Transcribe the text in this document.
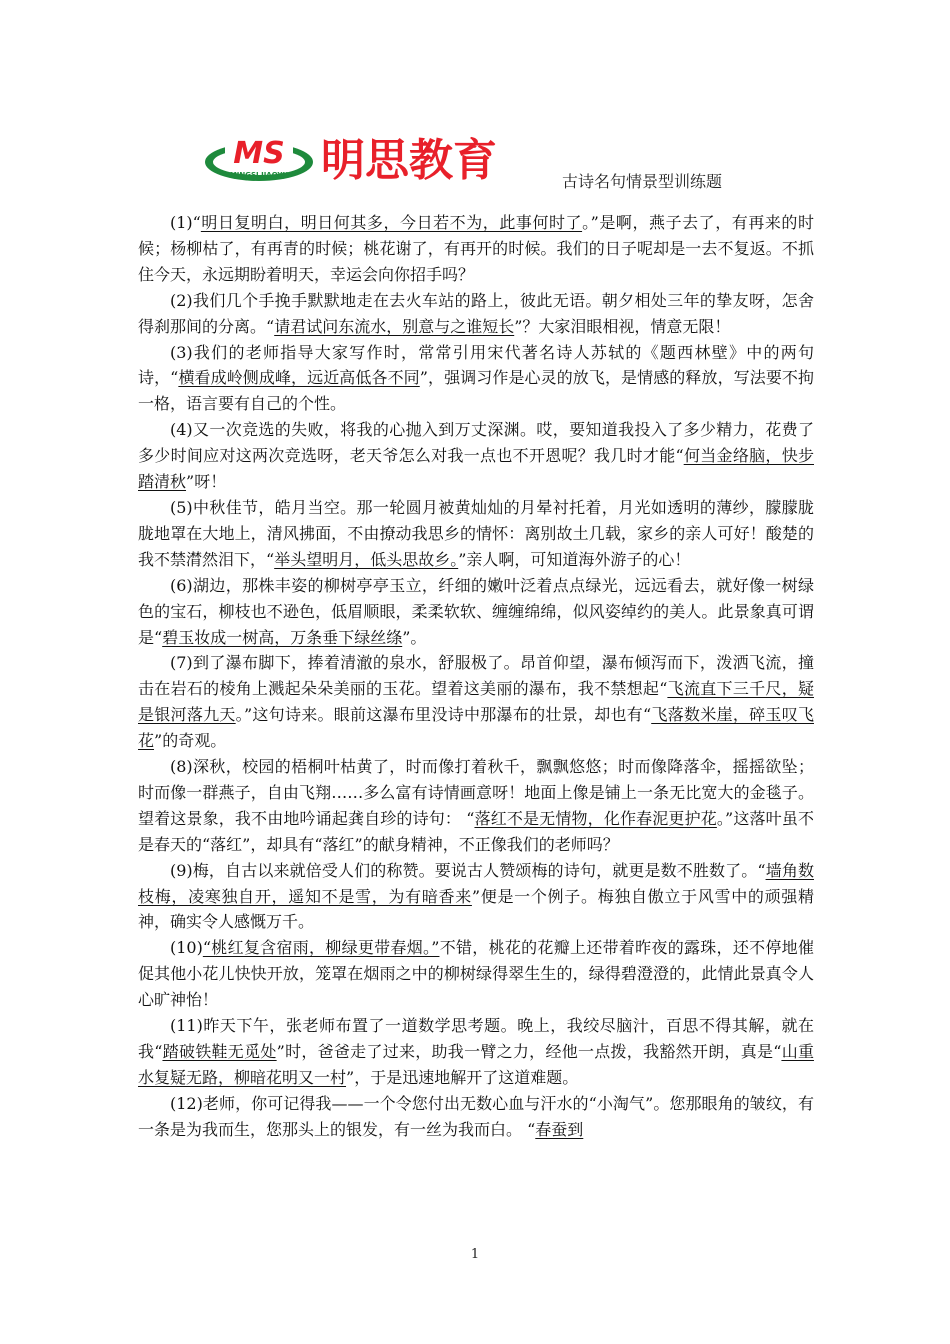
MS
MINGSI JIAOYU 明思教育	古诗名句情景型训练题

(1)“明日复明白，明日何其多，今日若不为，此事何时了。”是啊，燕子去了，有再来的时候；杨柳枯了，有再青的时候；桃花谢了，有再开的时候。我们的日子呢却是一去不复返。不抓住今天，永远期盼着明天，幸运会向你招手吗？

(2)我们几个手挽手默默地走在去火车站的路上，彼此无语。朝夕相处三年的挚友呀，怎舍得刹那间的分离。“请君试问东流水，别意与之谁短长”？大家泪眼相视，情意无限！

(3)我们的老师指导大家写作时，常常引用宋代著名诗人苏轼的《题西林壁》中的两句诗，“横看成岭侧成峰，远近高低各不同”，强调习作是心灵的放飞，是情感的释放，写法要不拘一格，语言要有自己的个性。

(4)又一次竞选的失败，将我的心抛入到万丈深渊。哎，要知道我投入了多少精力，花费了多少时间应对这两次竞选呀，老天爷怎么对我一点也不开恩呢？我几时才能“何当金络脑，快步踏清秋”呀！

(5)中秋佳节，皓月当空。那一轮圆月被黄灿灿的月晕衬托着，月光如透明的薄纱，朦朦胧胧地罩在大地上，清风拂面，不由撩动我思乡的情怀：离别故土几载，家乡的亲人可好！酸楚的我不禁潸然泪下，“举头望明月，低头思故乡。”亲人啊，可知道海外游子的心！

(6)湖边，那株丰姿的柳树亭亭玉立，纤细的嫩叶泛着点点绿光，远远看去，就好像一树绿色的宝石，柳枝也不逊色，低眉顺眼，柔柔软软、缠缠绵绵，似风姿绰约的美人。此景象真可谓是“碧玉妆成一树高，万条垂下绿丝绦”。

(7)到了瀑布脚下，捧着清澈的泉水，舒服极了。昂首仰望，瀑布倾泻而下，泼洒飞流，撞击在岩石的棱角上溅起朵朵美丽的玉花。望着这美丽的瀑布，我不禁想起“飞流直下三千尺，疑是银河落九天。”这句诗来。眼前这瀑布里没诗中那瀑布的壮景，却也有“飞落数米崖，碎玉叹飞花”的奇观。

(8)深秋，校园的梧桐叶枯黄了，时而像打着秋千，飘飘悠悠；时而像降落伞，摇摇欲坠；时而像一群燕子，自由飞翔……多么富有诗情画意呀！地面上像是铺上一条无比宽大的金毯子。望着这景象，我不由地吟诵起龚自珍的诗句： “落红不是无情物，化作春泥更护花。”这落叶虽不是春天的“落红”，却具有“落红”的献身精神，不正像我们的老师吗？

(9)梅，自古以来就倍受人们的称赞。要说古人赞颂梅的诗句，就更是数不胜数了。“墙角数枝梅，凌寒独自开，遥知不是雪，为有暗香来”便是一个例子。梅独自傲立于风雪中的顽强精神，确实令人感慨万千。

(10)“桃红复含宿雨，柳绿更带春烟。”不错，桃花的花瓣上还带着昨夜的露珠，还不停地催促其他小花儿快快开放，笼罩在烟雨之中的柳树绿得翠生生的，绿得碧澄澄的，此情此景真令人心旷神怡！

(11)昨天下午，张老师布置了一道数学思考题。晚上，我绞尽脑汁，百思不得其解，就在我“踏破铁鞋无觅处”时，爸爸走了过来，助我一臂之力，经他一点拨，我豁然开朗，真是“山重水复疑无路，柳暗花明又一村”，于是迅速地解开了这道难题。

(12)老师，你可记得我——一个令您付出无数心血与汗水的“小淘气”。您那眼角的皱纹，有一条是为我而生，您那头上的银发，有一丝为我而白。 “春蚕到

1
